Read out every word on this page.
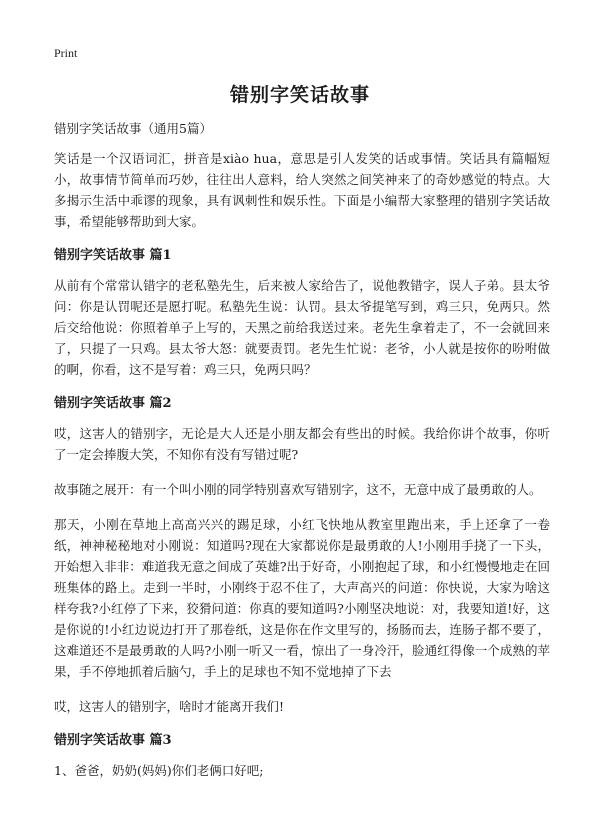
Print
错别字笑话故事

错别字笑话故事（通用5篇）

笑话是一个汉语词汇，拼音是xiào hua，意思是引人发笑的话或事情。笑话具有篇幅短小，故事情节简单而巧妙，往往出人意料，给人突然之间笑神来了的奇妙感觉的特点。大多揭示生活中乖谬的现象，具有讽刺性和娱乐性。下面是小编帮大家整理的错别字笑话故事，希望能够帮助到大家。

错别字笑话故事 篇1

从前有个常常认错字的老私塾先生，后来被人家给告了，说他教错字，误人子弟。县太爷问：你是认罚呢还是愿打呢。私塾先生说：认罚。县太爷提笔写到，鸡三只，免两只。然后交给他说：你照着单子上写的，天黑之前给我送过来。老先生拿着走了，不一会就回来了，只提了一只鸡。县太爷大怒：就要责罚。老先生忙说：老爷，小人就是按你的吩咐做的啊，你看，这不是写着：鸡三只，免两只吗？

错别字笑话故事 篇2

哎，这害人的错别字，无论是大人还是小朋友都会有些出的时候。我给你讲个故事，你听了一定会捧腹大笑，不知你有没有写错过呢?

故事随之展开：有一个叫小刚的同学特别喜欢写错别字，这不，无意中成了最勇敢的人。

那天，小刚在草地上高高兴兴的踢足球，小红飞快地从教室里跑出来，手上还拿了一卷纸，神神秘秘地对小刚说：知道吗?现在大家都说你是最勇敢的人!小刚用手挠了一下头，开始想入非非：难道我无意之间成了英雄?出于好奇，小刚抱起了球，和小红慢慢地走在回班集体的路上。走到一半时，小刚终于忍不住了，大声高兴的问道：你快说，大家为啥这样夸我?小红停了下来，狡猾问道：你真的要知道吗?小刚坚决地说：对，我要知道!好，这是你说的!小红边说边打开了那卷纸，这是你在作文里写的，扬肠而去，连肠子都不要了，这难道还不是最勇敢的人吗?小刚一听又一看，惊出了一身冷汗，脸通红得像一个成熟的苹果，手不停地抓着后脑勺，手上的足球也不知不觉地掉了下去

哎，这害人的错别字，啥时才能离开我们!

错别字笑话故事 篇3

1、爸爸，奶奶(妈妈)你们老俩口好吧;
